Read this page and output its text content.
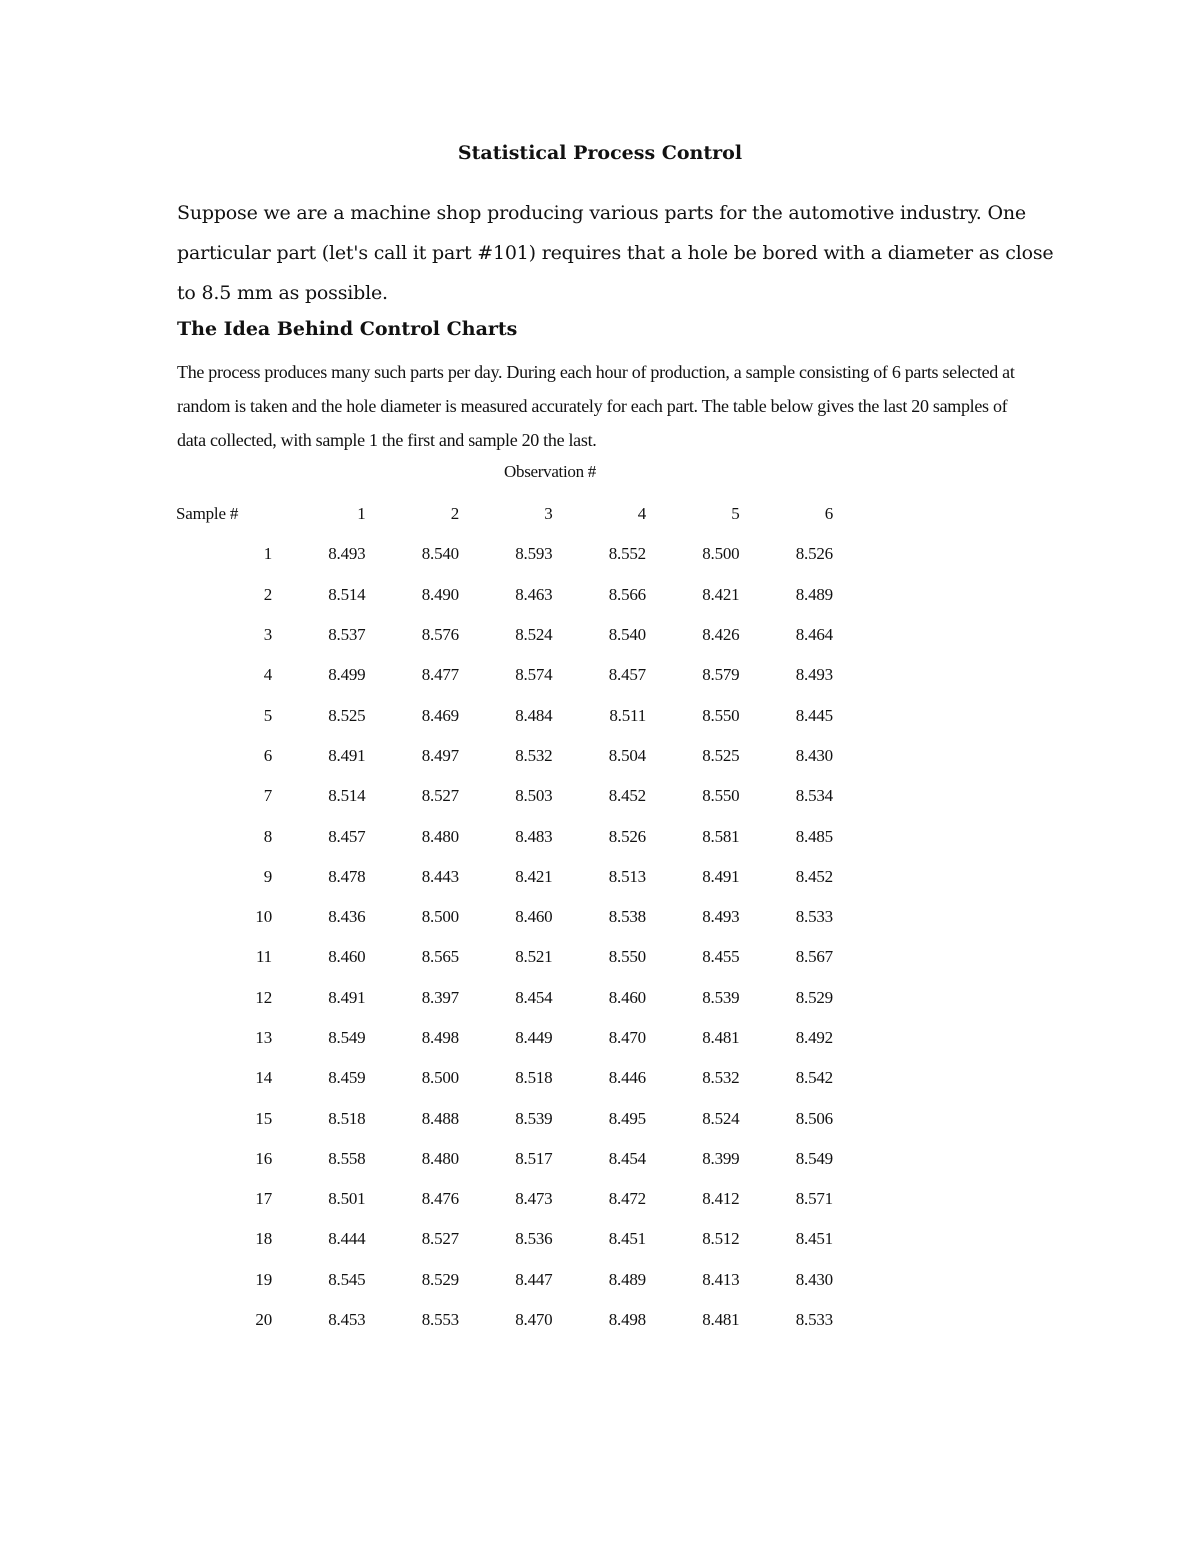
Statistical Process Control

Suppose we are a machine shop producing various parts for the automotive industry. One particular part (let's call it part #101) requires that a hole be bored with a diameter as close to 8.5 mm as possible.

The Idea Behind Control Charts

The process produces many such parts per day. During each hour of production, a sample consisting of 6 parts selected at random is taken and the hole diameter is measured accurately for each part. The table below gives the last 20 samples of data collected, with sample 1 the first and sample 20 the last.

Observation #
Sample #	1	2	3	4	5	6
1	8.493	8.540	8.593	8.552	8.500	8.526
2	8.514	8.490	8.463	8.566	8.421	8.489
3	8.537	8.576	8.524	8.540	8.426	8.464
4	8.499	8.477	8.574	8.457	8.579	8.493
5	8.525	8.469	8.484	8.511	8.550	8.445
6	8.491	8.497	8.532	8.504	8.525	8.430
7	8.514	8.527	8.503	8.452	8.550	8.534
8	8.457	8.480	8.483	8.526	8.581	8.485
9	8.478	8.443	8.421	8.513	8.491	8.452
10	8.436	8.500	8.460	8.538	8.493	8.533
11	8.460	8.565	8.521	8.550	8.455	8.567
12	8.491	8.397	8.454	8.460	8.539	8.529
13	8.549	8.498	8.449	8.470	8.481	8.492
14	8.459	8.500	8.518	8.446	8.532	8.542
15	8.518	8.488	8.539	8.495	8.524	8.506
16	8.558	8.480	8.517	8.454	8.399	8.549
17	8.501	8.476	8.473	8.472	8.412	8.571
18	8.444	8.527	8.536	8.451	8.512	8.451
19	8.545	8.529	8.447	8.489	8.413	8.430
20	8.453	8.553	8.470	8.498	8.481	8.533
